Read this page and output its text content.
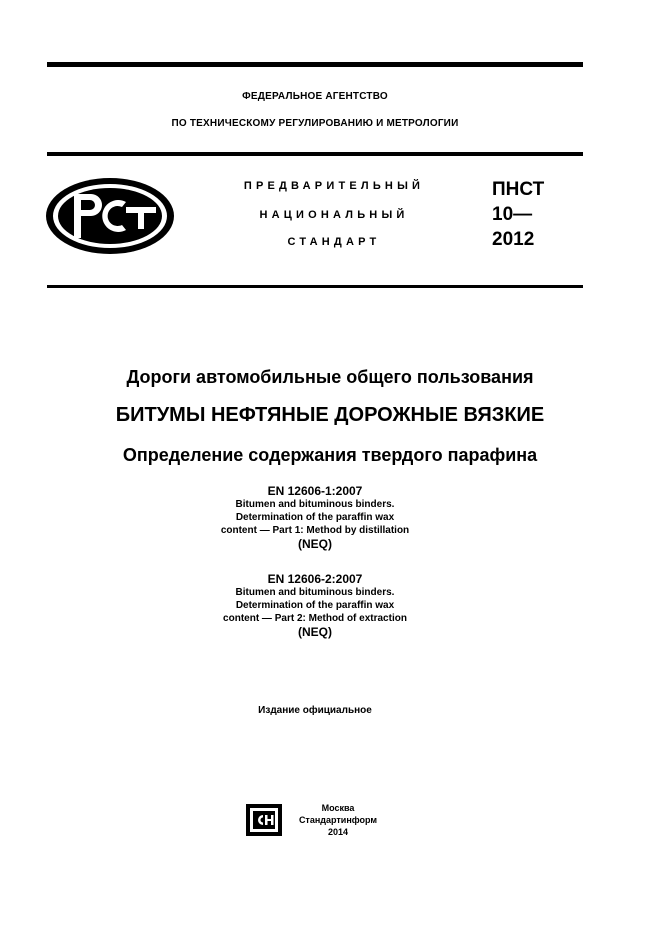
ФЕДЕРАЛЬНОЕ АГЕНТСТВО
ПО ТЕХНИЧЕСКОМУ РЕГУЛИРОВАНИЮ И МЕТРОЛОГИИ
ПРЕДВАРИТЕЛЬНЫЙ
НАЦИОНАЛЬНЫЙ
СТАНДАРТ
ПНСТ
10—
2012
Дороги автомобильные общего пользования
БИТУМЫ НЕФТЯНЫЕ ДОРОЖНЫЕ ВЯЗКИЕ
Определение содержания твердого парафина
EN 12606-1:2007
Bitumen and bituminous binders.
Determination of the paraffin wax
content — Part 1: Method by distillation
(NEQ)
EN 12606-2:2007
Bitumen and bituminous binders.
Determination of the paraffin wax
content — Part 2: Method of extraction
(NEQ)
Издание официальное
Москва
Стандартинформ
2014
